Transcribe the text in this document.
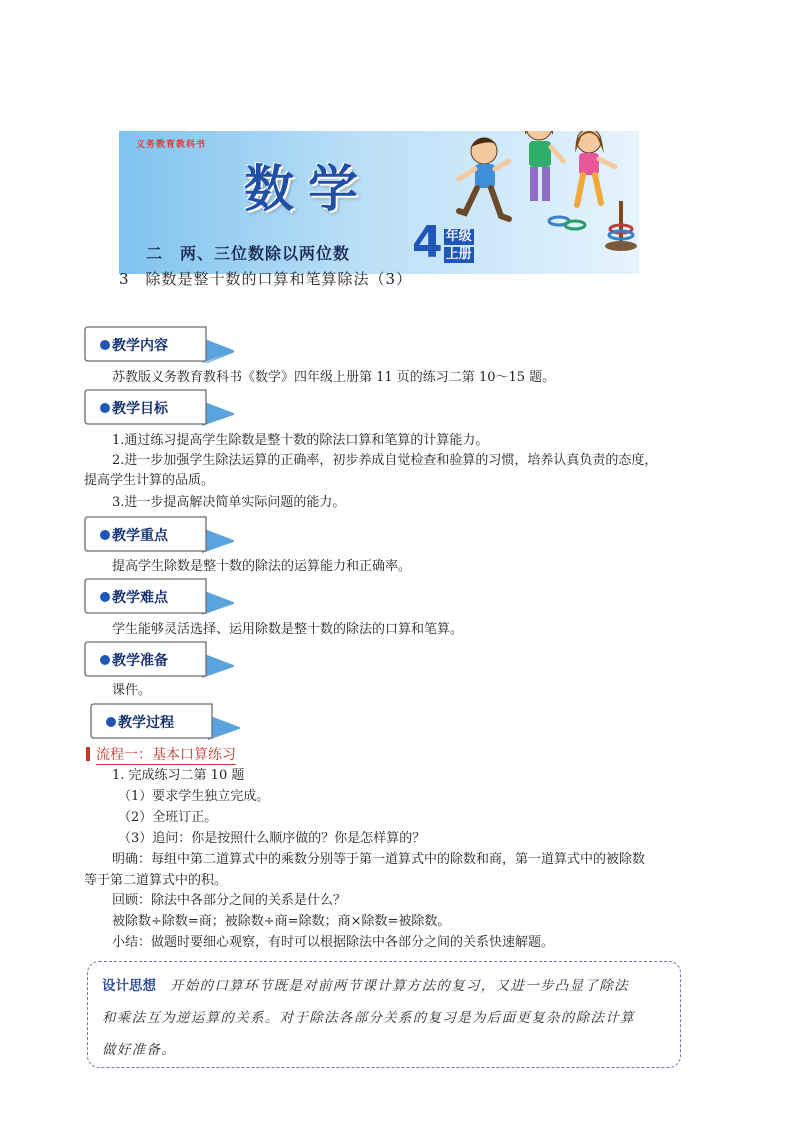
义务教育教科书
数学
二　两、三位数除以两位数 4 年级
上册
3　除数是整十数的口算和笔算除法（3）
教学内容
苏教版义务教育教科书《数学》四年级上册第 11 页的练习二第 10～15 题。
教学目标
1.通过练习提高学生除数是整十数的除法口算和笔算的计算能力。
2.进一步加强学生除法运算的正确率，初步养成自觉检查和验算的习惯，培养认真负责的态度，
提高学生计算的品质。
3.进一步提高解决简单实际问题的能力。
教学重点
提高学生除数是整十数的除法的运算能力和正确率。
教学难点
学生能够灵活选择、运用除数是整十数的除法的口算和笔算。
教学准备
课件。
教学过程
流程一：基本口算练习
1. 完成练习二第 10 题
（1）要求学生独立完成。
（2）全班订正。
（3）追问：你是按照什么顺序做的？你是怎样算的？
明确：每组中第二道算式中的乘数分别等于第一道算式中的除数和商，第一道算式中的被除数
等于第二道算式中的积。
回顾：除法中各部分之间的关系是什么？
被除数÷除数=商；被除数÷商=除数；商×除数=被除数。
小结：做题时要细心观察，有时可以根据除法中各部分之间的关系快速解题。
设计思想 开始的口算环节既是对前两节课计算方法的复习，又进一步凸显了除法
和乘法互为逆运算的关系。对于除法各部分关系的复习是为后面更复杂的除法计算
做好准备。
